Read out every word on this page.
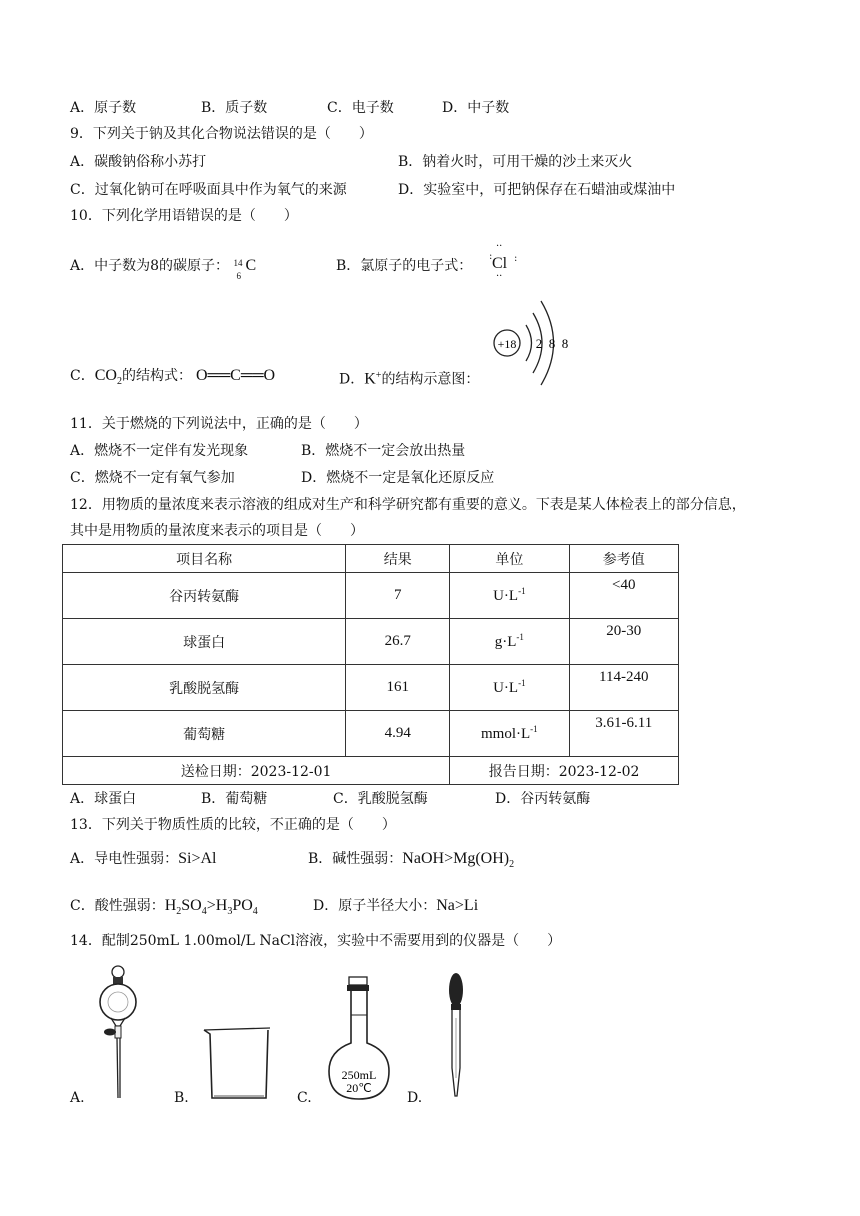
A．原子数	B．质子数	C．电子数	D．中子数
9．下列关于钠及其化合物说法错误的是（　　）
A．碳酸钠俗称小苏打	B．钠着火时，可用干燥的沙土来灭火
C．过氧化钠可在呼吸面具中作为氧气的来源	D．实验室中，可把钠保存在石蜡油或煤油中
10．下列化学用语错误的是（　　）
A．中子数为8的碳原子： 14
6
C	B．氯原子的电子式：
··
: Cl :
··
C．$CO_2$的结构式： O══C══O	D．K+的结构示意图：
+18 2 8 8
11．关于燃烧的下列说法中，正确的是（　　）
A．燃烧不一定伴有发光现象	B．燃烧不一定会放出热量
C．燃烧不一定有氧气参加	D．燃烧不一定是氧化还原反应
12．用物质的量浓度来表示溶液的组成对生产和科学研究都有重要的意义。下表是某人体检表上的部分信息，
其中是用物质的量浓度来表示的项目是（　　）
项目名称	结果	单位	参考值
谷丙转氨酶	7	$U\cdot L^{-1}$	<40
球蛋白	26.7	$g\cdot L^{-1}$	20-30
乳酸脱氢酶	161	$U\cdot L^{-1}$	114-240
葡萄糖	4.94	$mmol\cdot L^{-1}$	3.61-6.11
送检日期：2023-12-01		报告日期：2023-12-02	
A．球蛋白	B．葡萄糖	C．乳酸脱氢酶	D．谷丙转氨酶
13．下列关于物质性质的比较，不正确的是（　　）
A．导电性强弱：Si>Al	B．碱性强弱：$NaOH>Mg(OH)_2$
C．酸性强弱：$H_2SO_4>H_3PO_4$	D．原子半径大小：Na>Li
14．配制250mL 1.00mol/L NaCl溶液，实验中不需要用到的仪器是（　　）
250mL
20℃
A.	B.	C.	D.
